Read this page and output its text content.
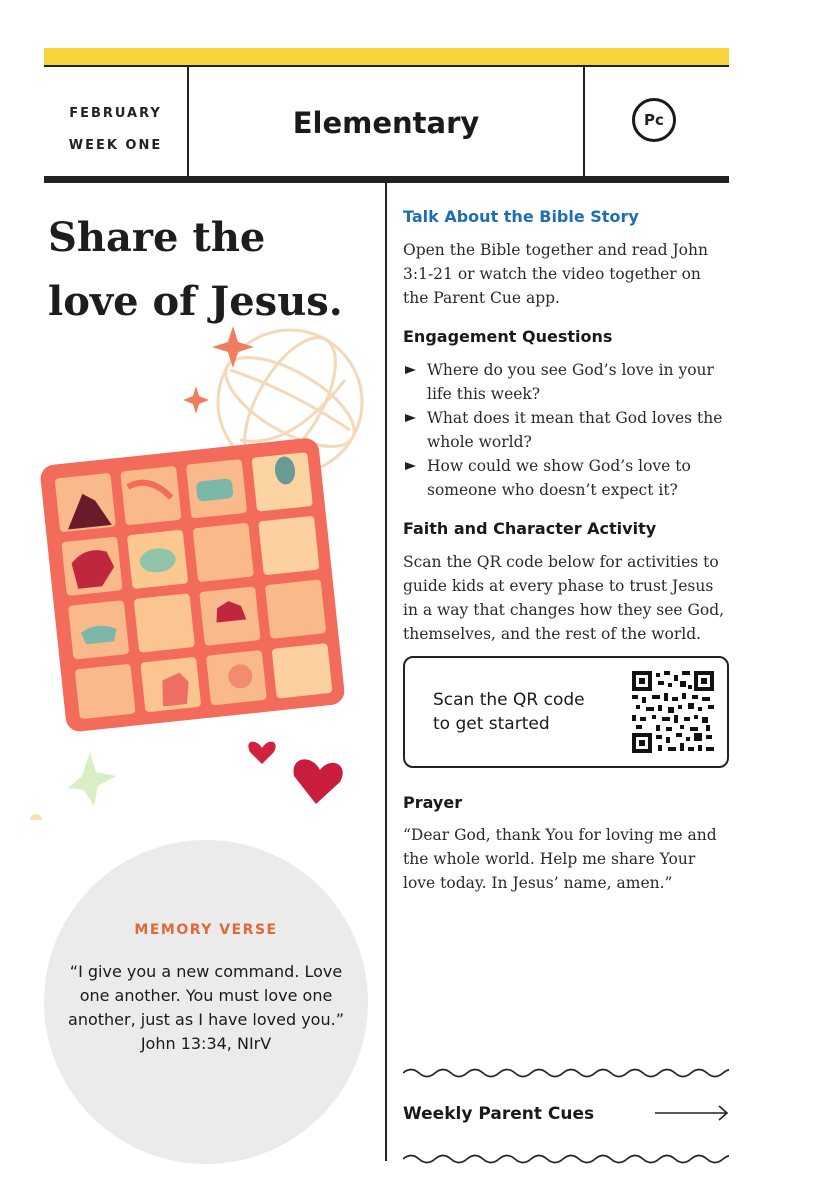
FEBRUARY
WEEK ONE
Elementary	Pc
Share the love of Jesus.
MEMORY VERSE
“I give you a new command. Love one another. You must love one another, just as I have loved you.”
John 13:34, NIrV
Talk About the Bible Story
Open the Bible together and read John 3:1-21 or watch the video together on the Parent Cue app.
Engagement Questions
Where do you see God’s love in your life this week?
What does it mean that God loves the whole world?
How could we show God’s love to someone who doesn’t expect it?
Faith and Character Activity
Scan the QR code below for activities to guide kids at every phase to trust Jesus in a way that changes how they see God, themselves, and the rest of the world.
Scan the QR code
to get started
Prayer
“Dear God, thank You for loving me and the whole world. Help me share Your love today. In Jesus’ name, amen.”
Weekly Parent Cues
